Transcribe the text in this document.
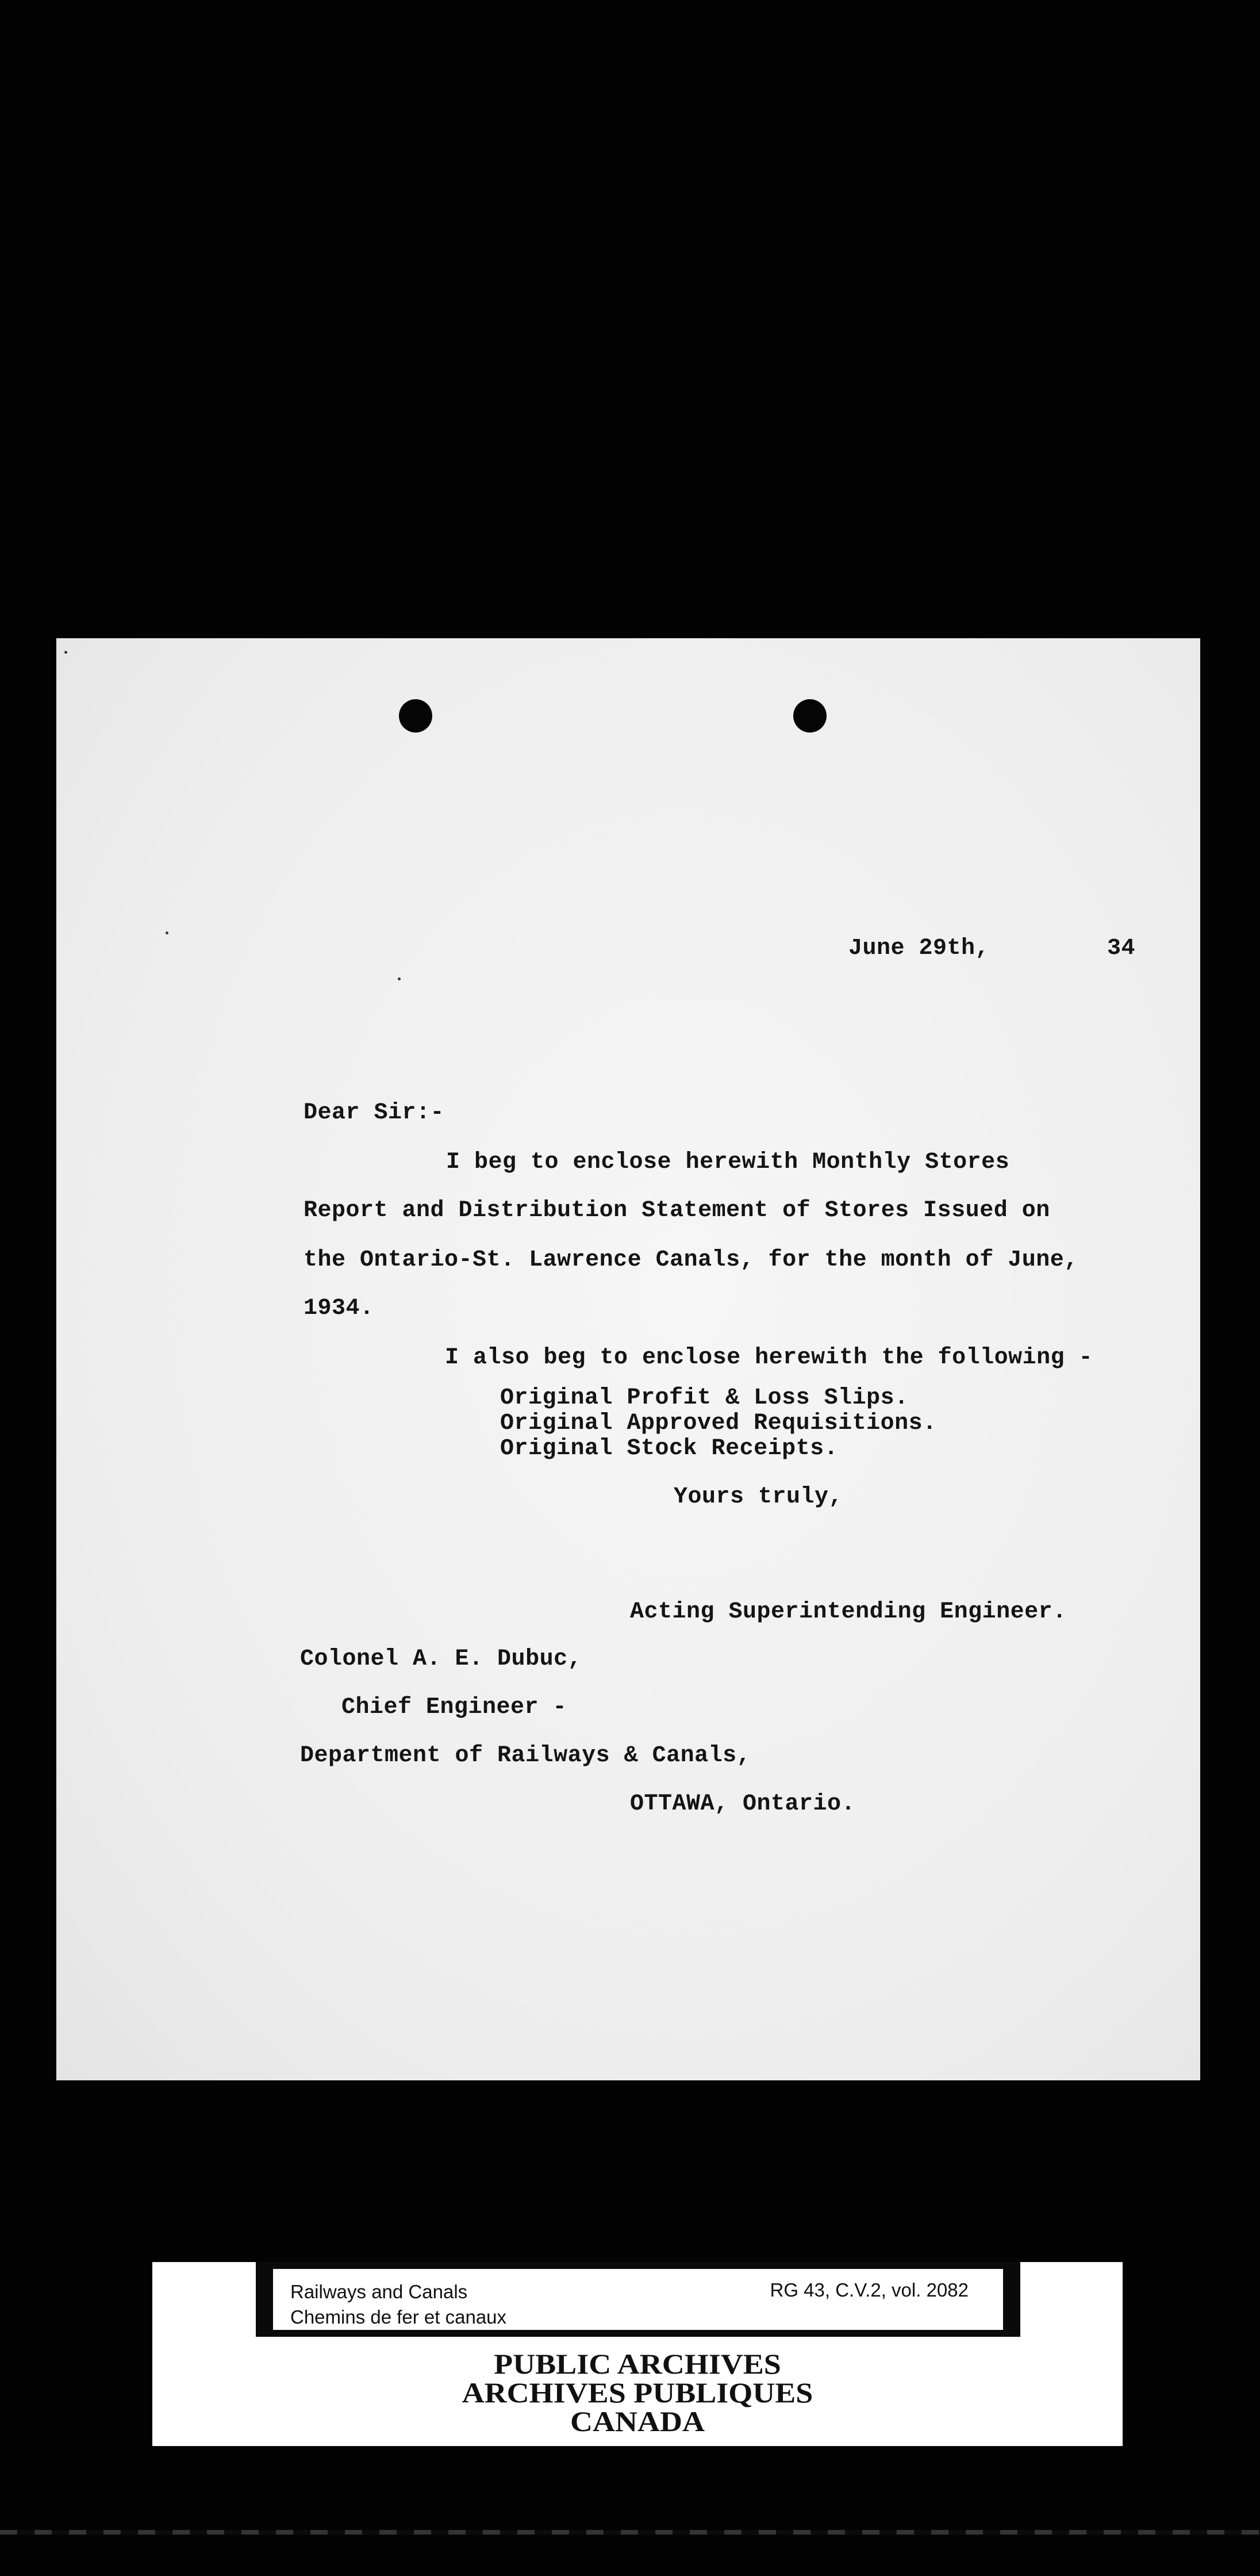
June 29th,	34
Dear Sir:-
I beg to enclose herewith Monthly Stores
Report and Distribution Statement of Stores Issued on
the Ontario-St. Lawrence Canals, for the month of June,
1934.
I also beg to enclose herewith the following -
Original Profit & Loss Slips.
Original Approved Requisitions.
Original Stock Receipts.
Yours truly,
Acting Superintending Engineer.
Colonel A. E. Dubuc,
Chief Engineer -
Department of Railways & Canals,
OTTAWA, Ontario.
Railways and Canals
Chemins de fer et canaux
RG 43, C.V.2, vol. 2082
PUBLIC ARCHIVES
ARCHIVES PUBLIQUES
CANADA
